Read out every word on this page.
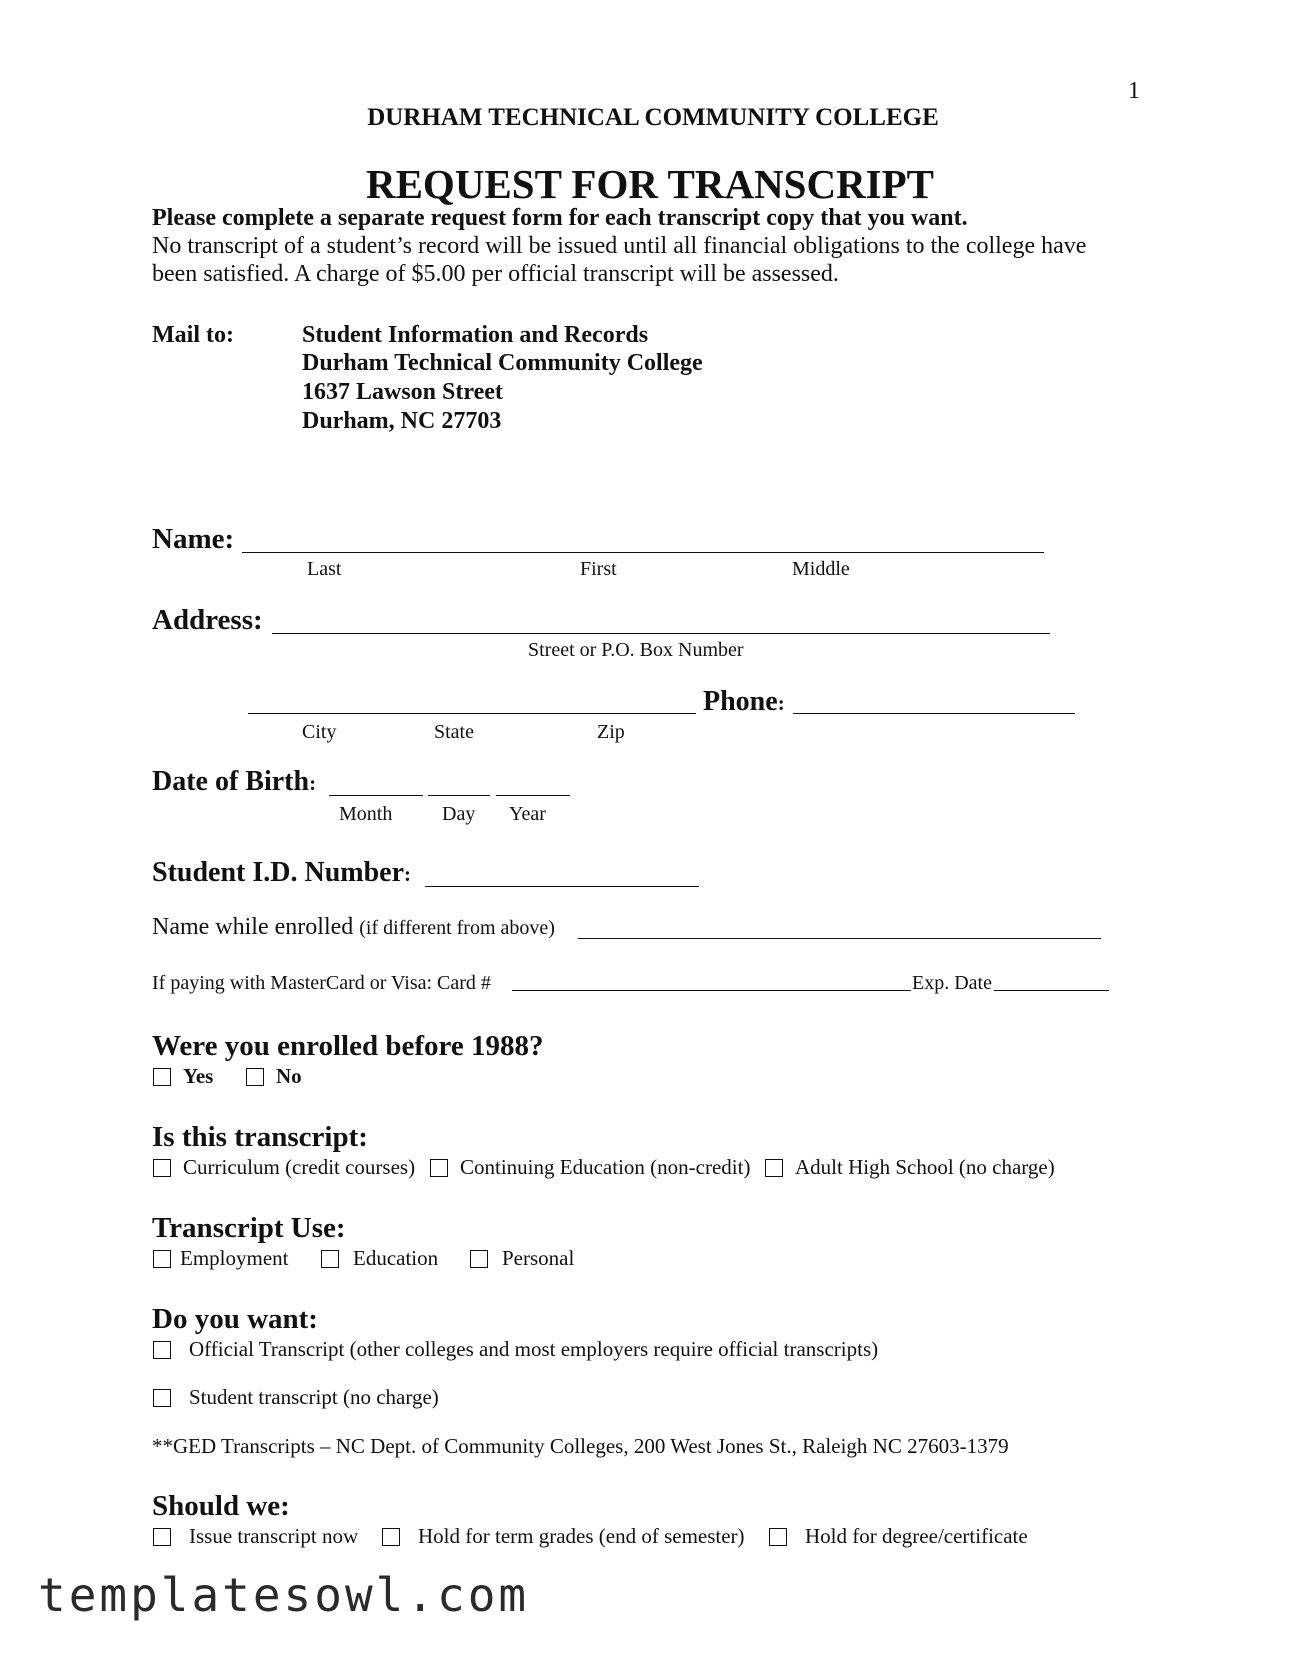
1
DURHAM TECHNICAL COMMUNITY COLLEGE
REQUEST FOR TRANSCRIPT
Please complete a separate request form for each transcript copy that you want.
No transcript of a student’s record will be issued until all financial obligations to the college have
been satisfied. A charge of $5.00 per official transcript will be assessed.
Mail to:	Student Information and Records
Durham Technical Community College
1637 Lawson Street
Durham, NC 27703
Name:
Last	First	Middle
Address:
Street or P.O. Box Number
Phone:
City	State	Zip
Date of Birth:
Month Day Year
Student I.D. Number:
Name while enrolled (if different from above)
If paying with MasterCard or Visa: Card #	Exp. Date
Were you enrolled before 1988?
Yes	No
Is this transcript:
Curriculum (credit courses) Continuing Education (non-credit) Adult High School (no charge)
Transcript Use:
Employment	Education	Personal
Do you want:
Official Transcript (other colleges and most employers require official transcripts)
Student transcript (no charge)
**GED Transcripts – NC Dept. of Community Colleges, 200 West Jones St., Raleigh NC 27603-1379
Should we:
Issue transcript now	Hold for term grades (end of semester)	Hold for degree/certificate
templatesowl.com
